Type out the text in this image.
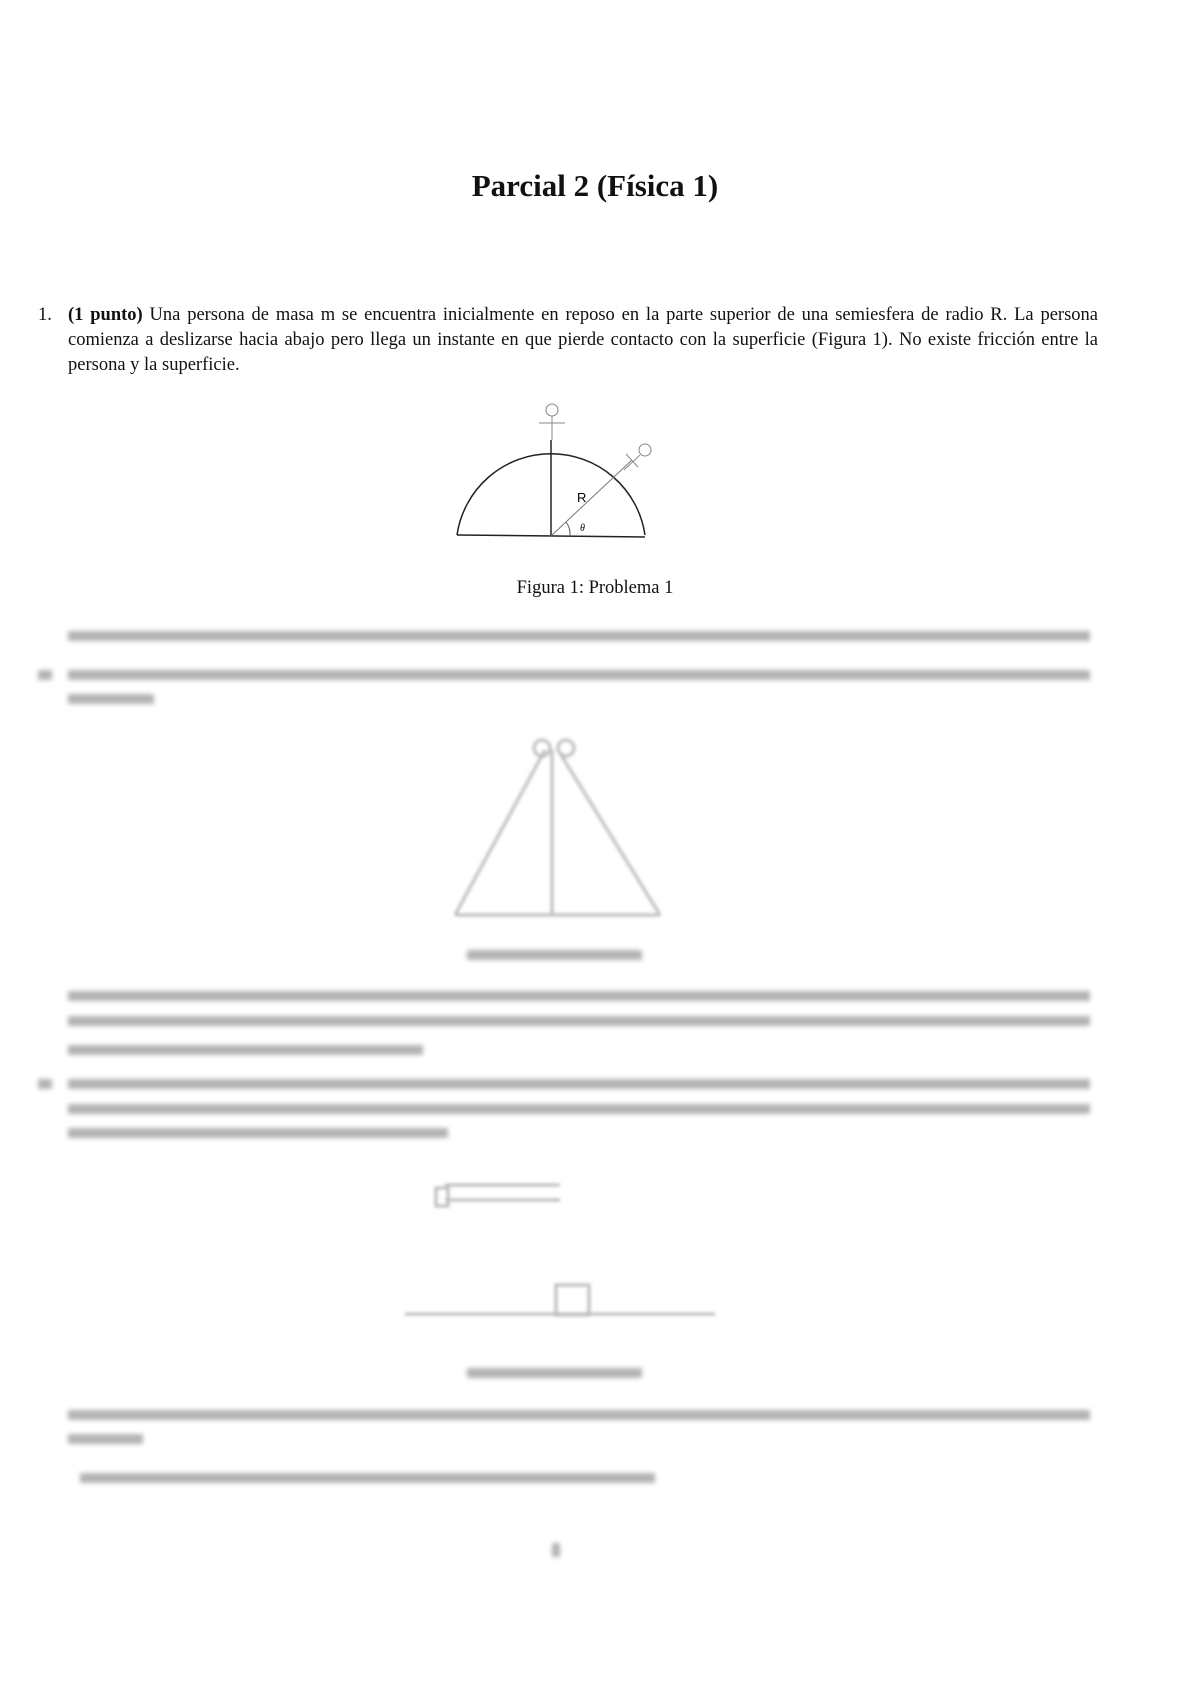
Parcial 2 (Física 1)
1. (1 punto) Una persona de masa m se encuentra inicialmente en reposo en la parte superior de una semiesfera de radio R. La persona comienza a deslizarse hacia abajo pero llega un instante en que pierde contacto con la superficie (Figura 1). No existe fricción entre la persona y la superficie.
R
θ
Figura 1: Problema 1
